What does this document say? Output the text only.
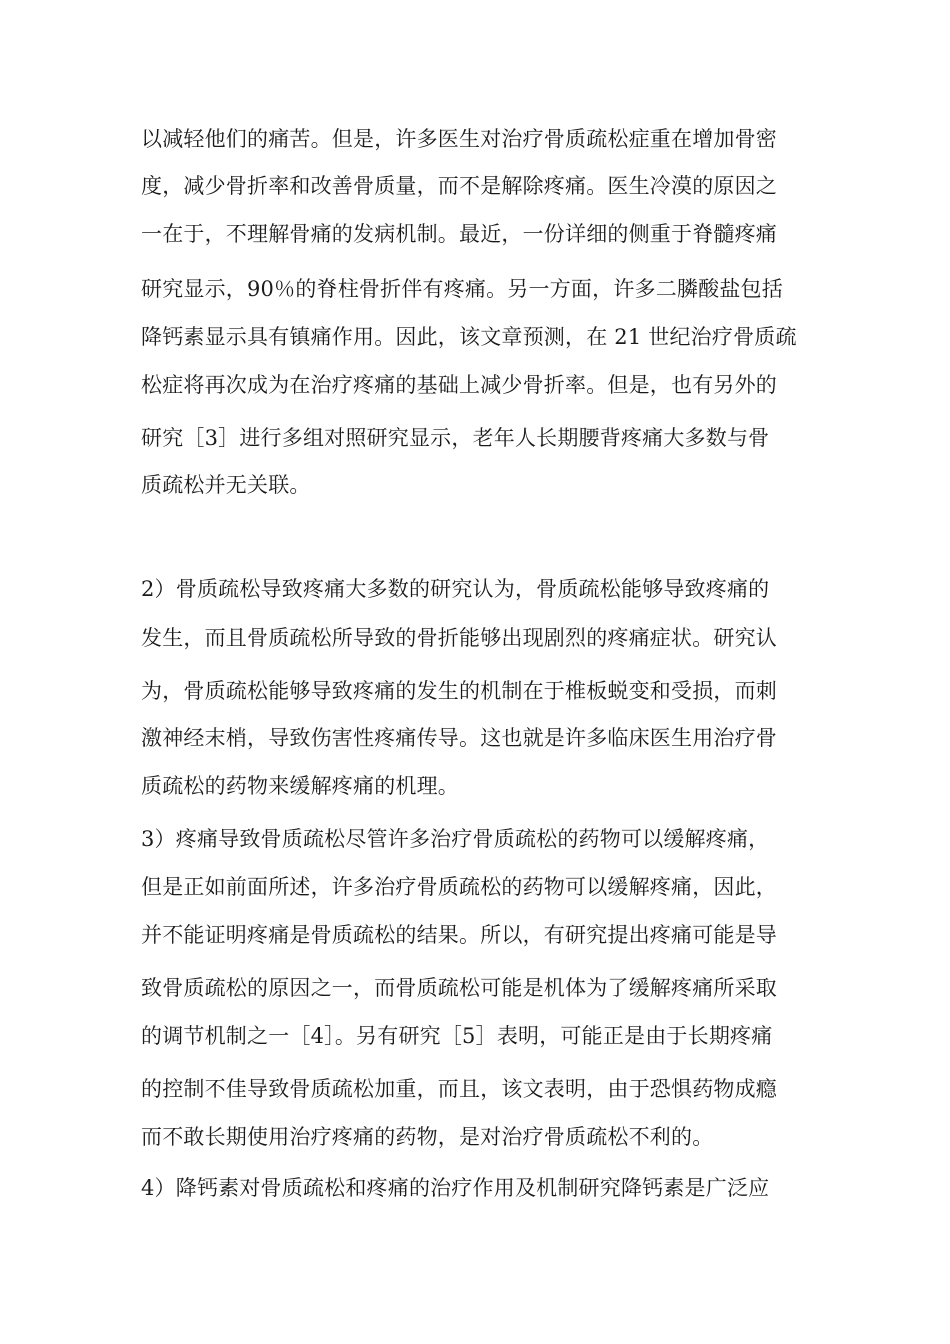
以减轻他们的痛苦。但是，许多医生对治疗骨质疏松症重在增加骨密
度，减少骨折率和改善骨质量，而不是解除疼痛。医生冷漠的原因之
一在于，不理解骨痛的发病机制。最近，一份详细的侧重于脊髓疼痛
研究显示，90％的脊柱骨折伴有疼痛。另一方面，许多二膦酸盐包括
降钙素显示具有镇痛作用。因此，该文章预测，在 21 世纪治疗骨质疏
松症将再次成为在治疗疼痛的基础上减少骨折率。但是，也有另外的
研究［3］进行多组对照研究显示，老年人长期腰背疼痛大多数与骨
质疏松并无关联。
2）骨质疏松导致疼痛大多数的研究认为，骨质疏松能够导致疼痛的
发生，而且骨质疏松所导致的骨折能够出现剧烈的疼痛症状。研究认
为，骨质疏松能够导致疼痛的发生的机制在于椎板蜕变和受损，而刺
激神经末梢，导致伤害性疼痛传导。这也就是许多临床医生用治疗骨
质疏松的药物来缓解疼痛的机理。
3）疼痛导致骨质疏松尽管许多治疗骨质疏松的药物可以缓解疼痛，
但是正如前面所述，许多治疗骨质疏松的药物可以缓解疼痛，因此，
并不能证明疼痛是骨质疏松的结果。所以，有研究提出疼痛可能是导
致骨质疏松的原因之一，而骨质疏松可能是机体为了缓解疼痛所采取
的调节机制之一［4］。另有研究［5］表明，可能正是由于长期疼痛
的控制不佳导致骨质疏松加重，而且，该文表明，由于恐惧药物成瘾
而不敢长期使用治疗疼痛的药物，是对治疗骨质疏松不利的。
4）降钙素对骨质疏松和疼痛的治疗作用及机制研究降钙素是广泛应
